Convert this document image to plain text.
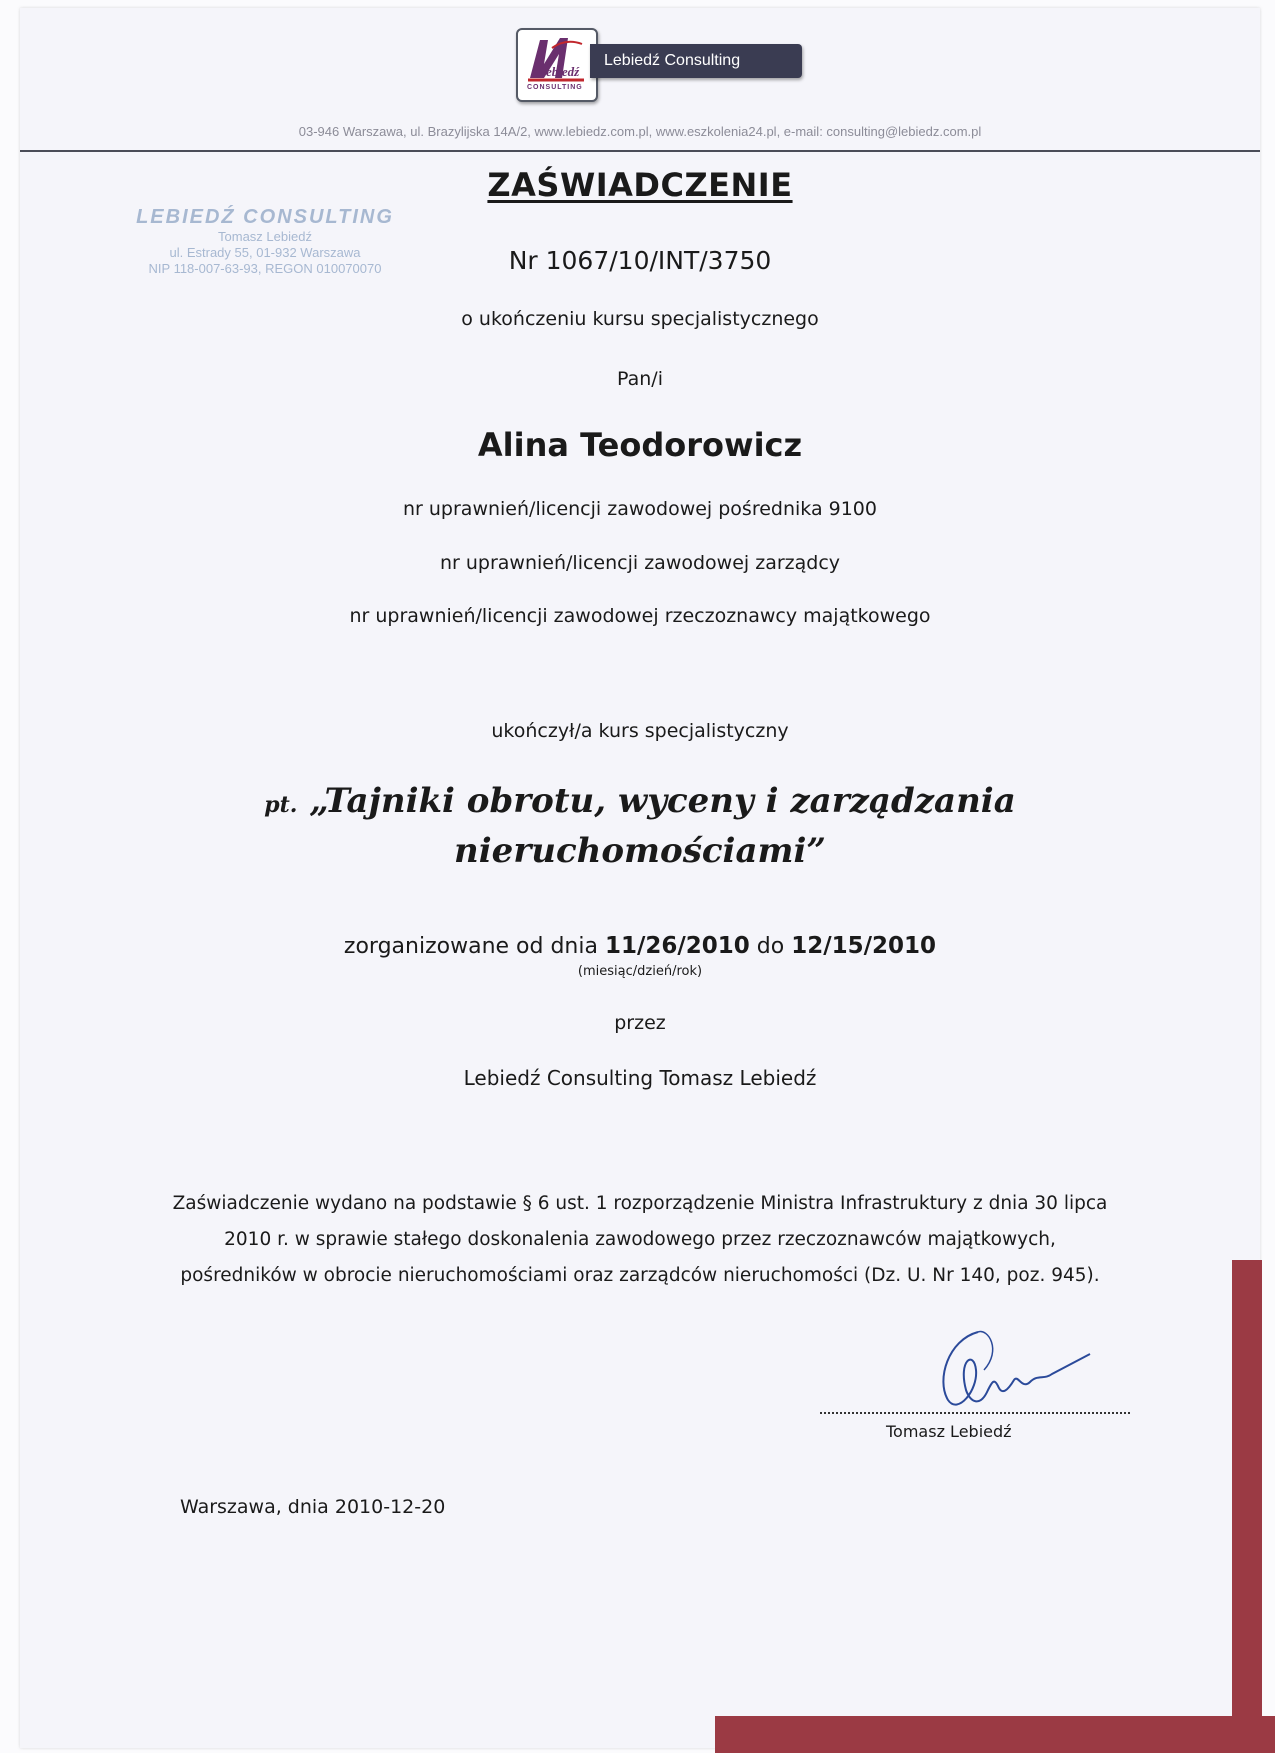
Lebiedź
CONSULTING
Lebiedź Consulting
03-946 Warszawa, ul. Brazylijska 14A/2, www.lebiedz.com.pl, www.eszkolenia24.pl, e-mail: consulting@lebiedz.com.pl
LEBIEDŹ CONSULTING
Tomasz Lebiedź
ul. Estrady 55, 01-932 Warszawa
NIP 118-007-63-93, REGON 010070070
ZAŚWIADCZENIE
Nr 1067/10/INT/3750
o ukończeniu kursu specjalistycznego
Pan/i
Alina Teodorowicz
nr uprawnień/licencji zawodowej pośrednika 9100
nr uprawnień/licencji zawodowej zarządcy
nr uprawnień/licencji zawodowej rzeczoznawcy majątkowego
ukończył/a kurs specjalistyczny
pt. „Tajniki obrotu, wyceny i zarządzania
nieruchomościami”
zorganizowane od dnia 11/26/2010 do 12/15/2010
(miesiąc/dzień/rok)
przez
Lebiedź Consulting Tomasz Lebiedź
Zaświadczenie wydano na podstawie § 6 ust. 1 rozporządzenie Ministra Infrastruktury z dnia 30 lipca 2010 r. w sprawie stałego doskonalenia zawodowego przez rzeczoznawców majątkowych, pośredników w obrocie nieruchomościami oraz zarządców nieruchomości (Dz. U. Nr 140, poz. 945).
Tomasz Lebiedź
Warszawa, dnia 2010-12-20
